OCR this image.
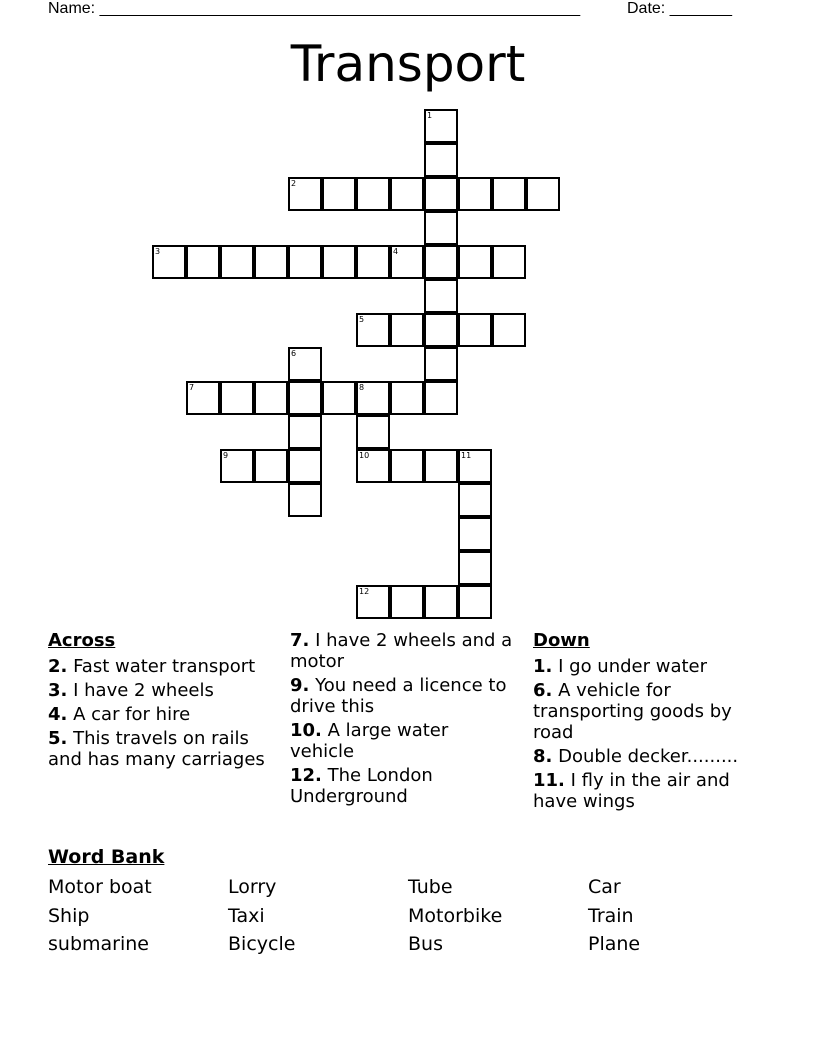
Name: ______________________________________________________	Date: _______
Transport
1
2
3	4
5
6
7	8
9	10	11
12
Across
2. Fast water transport
3. I have 2 wheels
4. A car for hire
5. This travels on rails and has many carriages
7. I have 2 wheels and a motor
9. You need a licence to drive this
10. A large water vehicle
12. The London Underground
Down
1. I go under water
6. A vehicle for transporting goods by road
8. Double decker.........
11. I fly in the air and have wings
Word Bank
Motor boat	Lorry	Tube	Car
Ship	Taxi	Motorbike	Train
submarine	Bicycle	Bus	Plane
